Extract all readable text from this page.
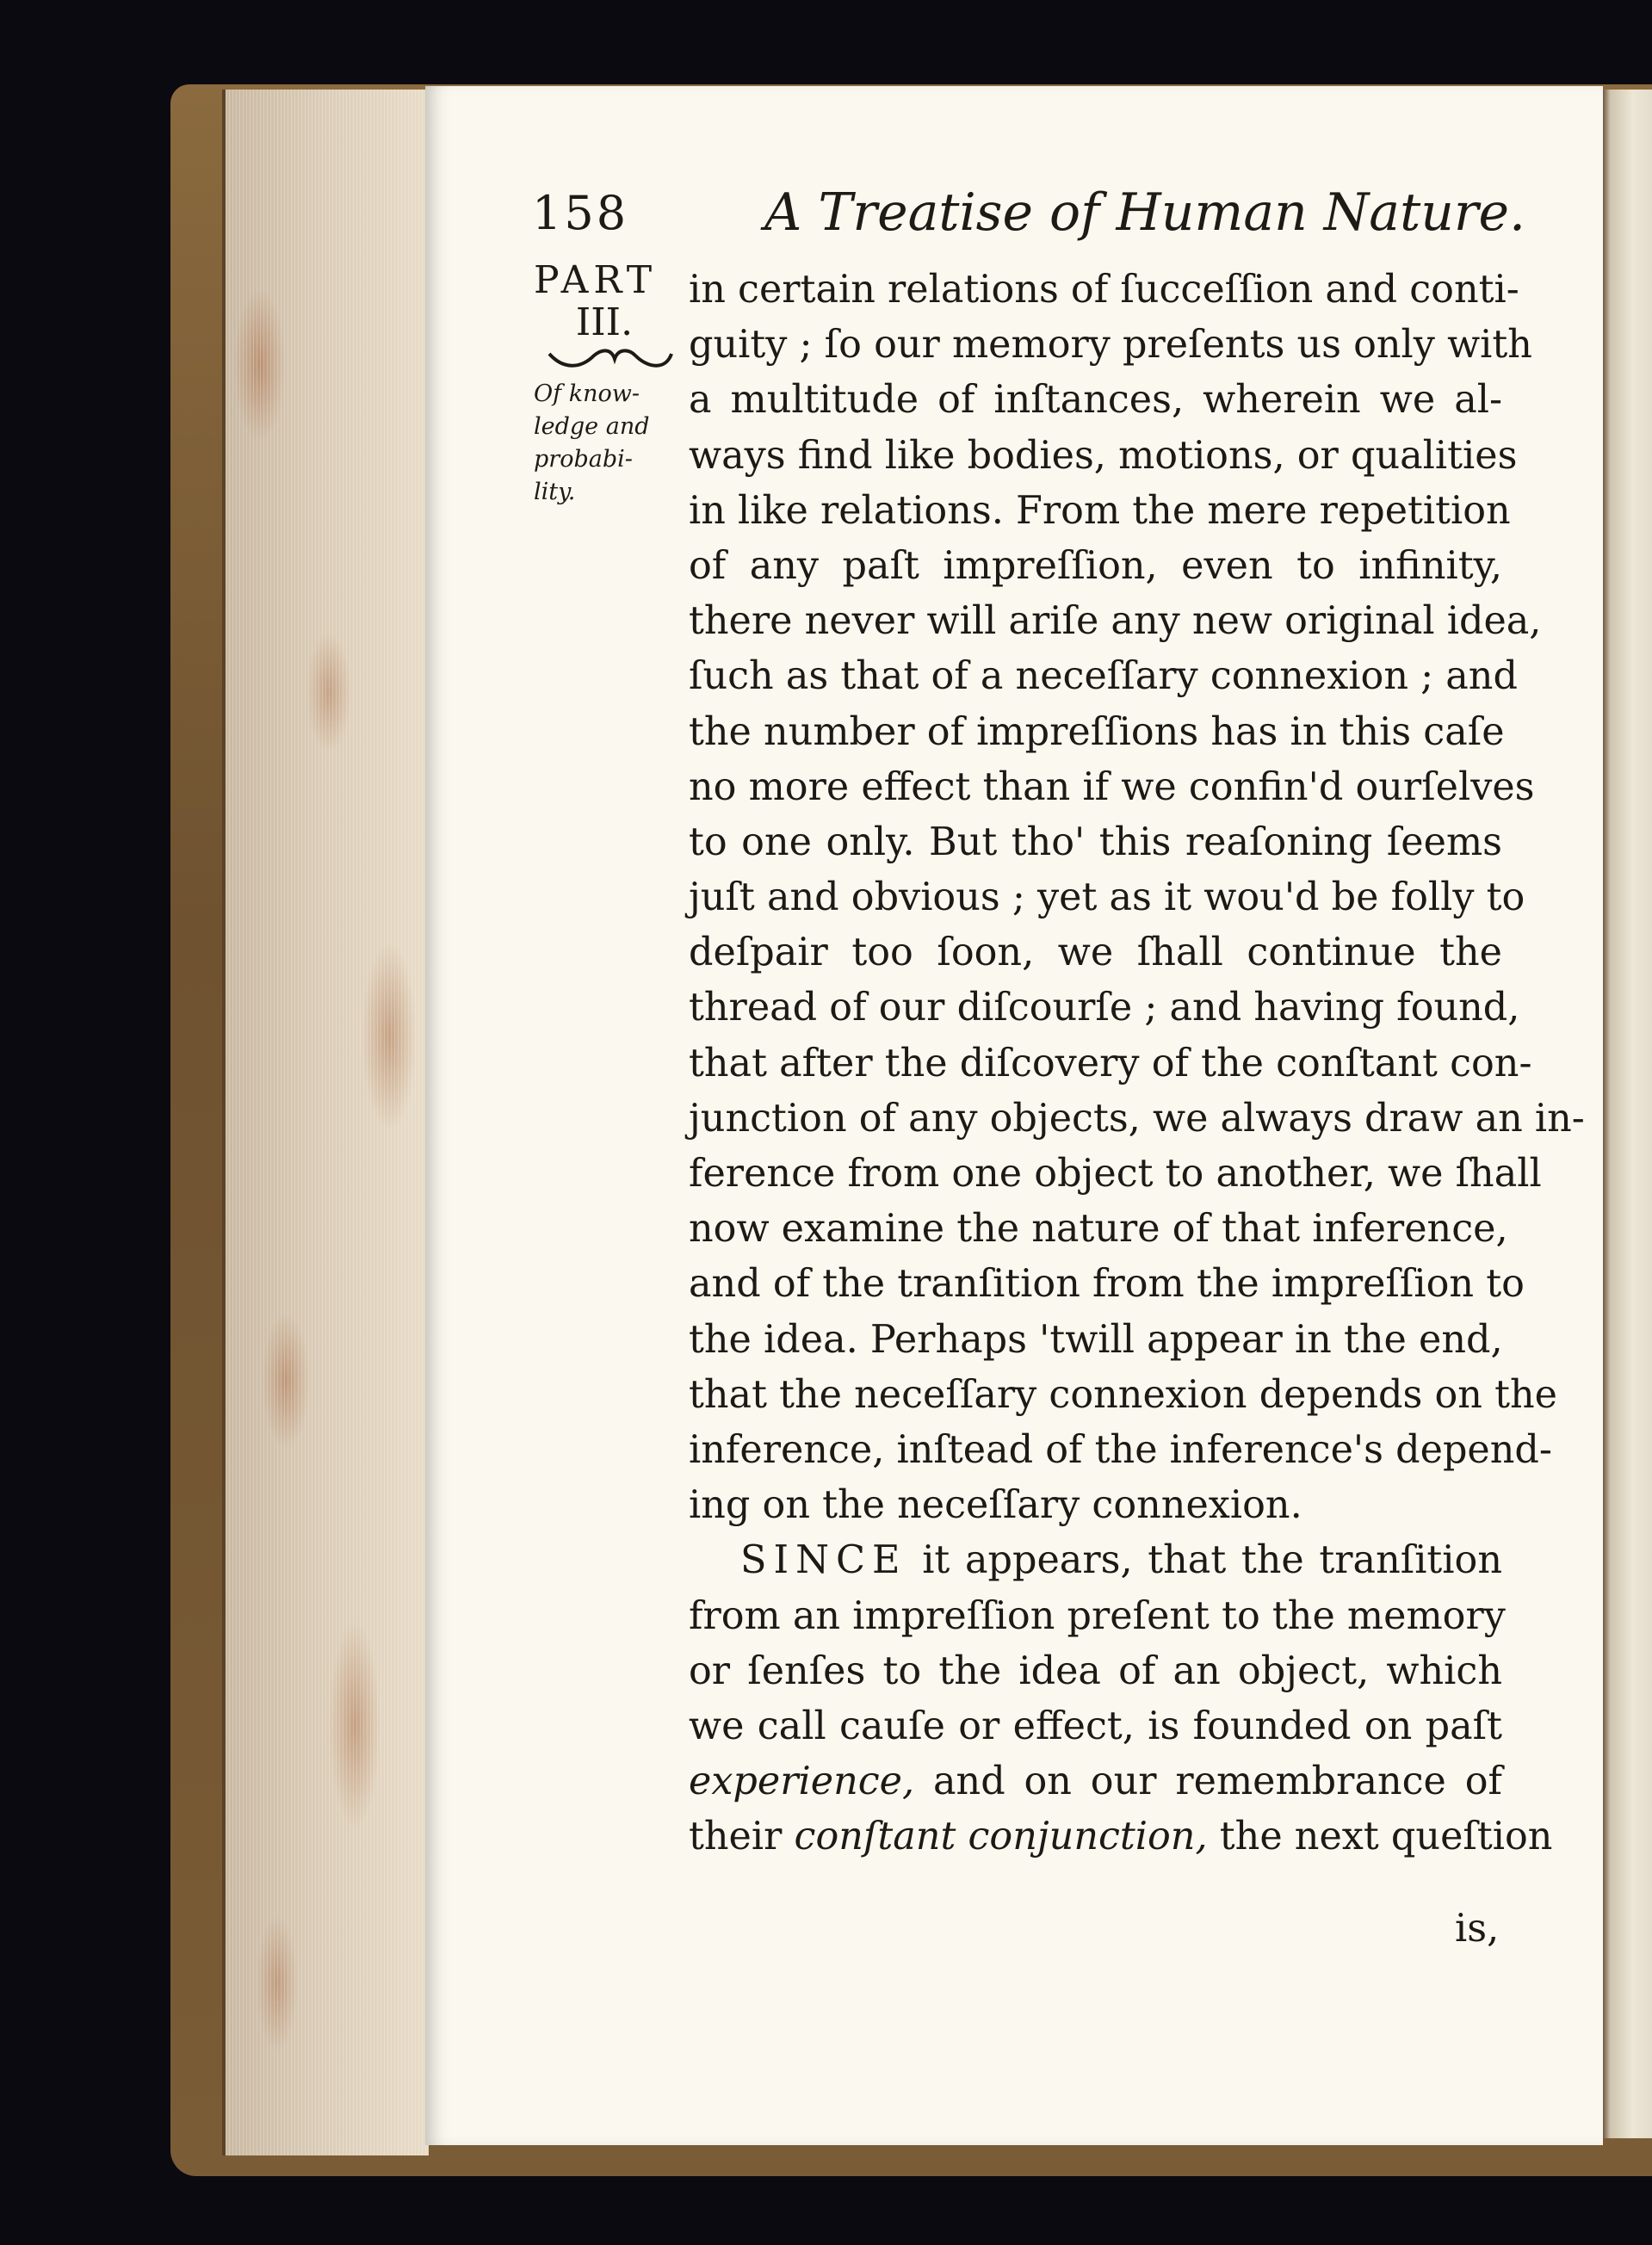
158	A Treatise of Human Nature.
PART
III.
Of know-
ledge and
probabi-
lity.
in certain relations of ſucceſſion and conti-
guity ; ſo our memory preſents us only with
a multitude of inſtances, wherein we al-
ways find like bodies, motions, or qualities
in like relations. From the mere repetition
of any paſt impreſſion, even to infinity,
there never will ariſe any new original idea,
ſuch as that of a neceſſary connexion ; and
the number of impreſſions has in this caſe
no more effect than if we confin'd ourſelves
to one only. But tho' this reaſoning ſeems
juſt and obvious ; yet as it wou'd be folly to
deſpair too ſoon, we ſhall continue the
thread of our diſcourſe ; and having found,
that after the diſcovery of the conſtant con-
junction of any objects, we always draw an in-
ference from one object to another, we ſhall
now examine the nature of that inference,
and of the tranſition from the impreſſion to
the idea. Perhaps 'twill appear in the end,
that the neceſſary connexion depends on the
inference, inſtead of the inference's depend-
ing on the neceſſary connexion.
SINCE it appears, that the tranſition
from an impreſſion preſent to the memory
or ſenſes to the idea of an object, which
we call cauſe or effect, is founded on paſt
experience, and on our remembrance of
their conſtant conjunction, the next queſtion
is,
